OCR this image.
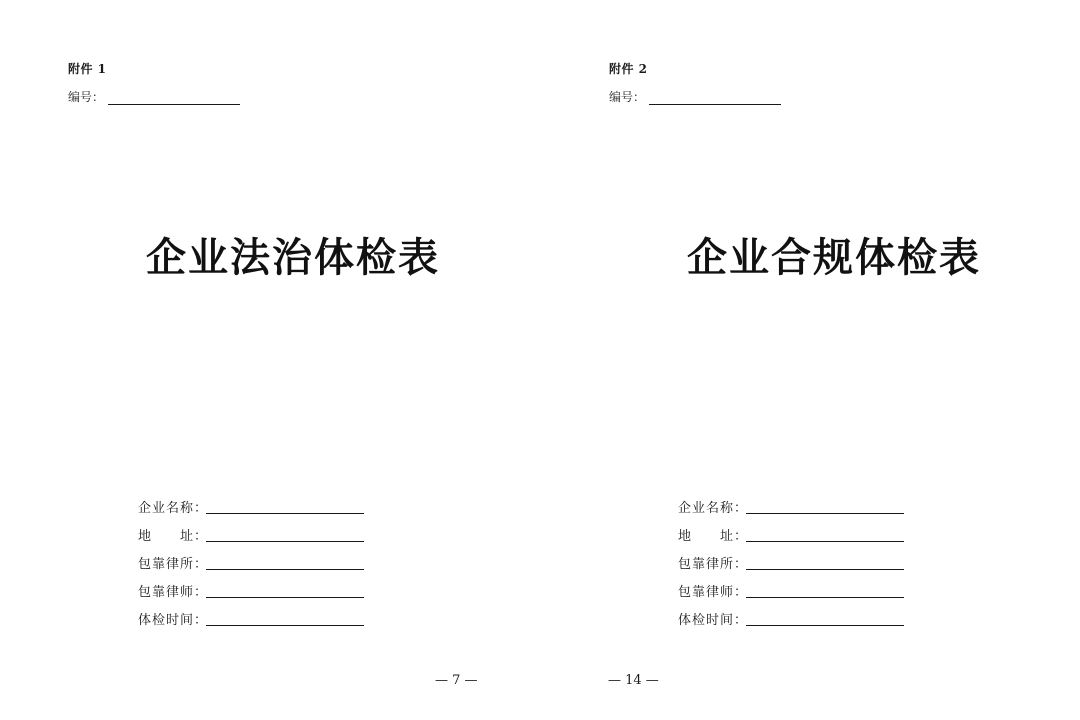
附件 1
编号：
企业法治体检表
企业名称：
地　　址：
包靠律所：
包靠律师：
体检时间：
— 7 —
附件 2
编号：
企业合规体检表
企业名称：
地　　址：
包靠律所：
包靠律师：
体检时间：
— 14 —
